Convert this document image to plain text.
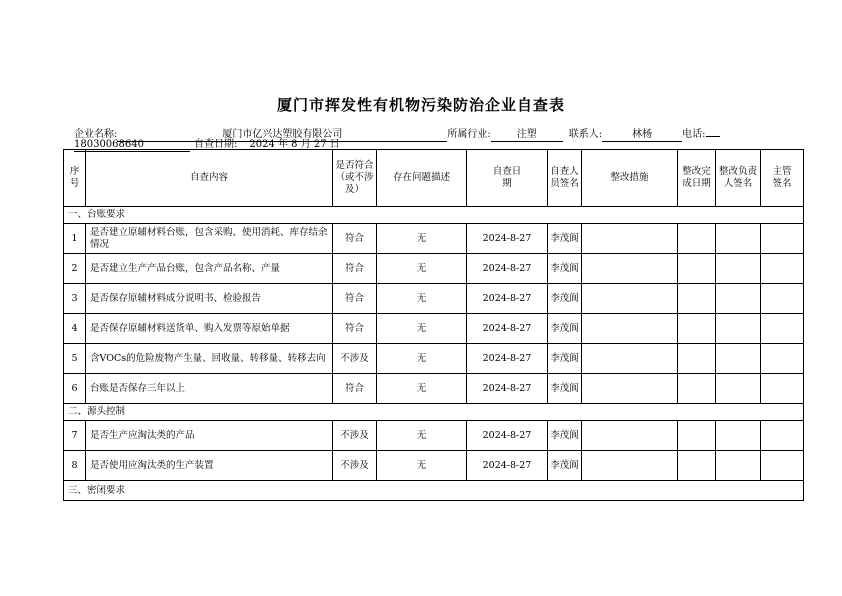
厦门市挥发性有机物污染防治企业自查表
企业名称:	厦门市亿兴达塑胶有限公司	所属行业:	注塑	联系人:	林杨	电话:
18030068640	自查日期: 2024 年 8 月 27 日
序号	自查内容	是否符合（或不涉及）	存在问题描述	自查日期	自查人员签名	整改措施	整改完成日期	整改负责人签名	主管签名
一、台账要求									
1	是否建立原辅材料台账，包含采购、使用消耗、库存结余情况	符合	无	2024-8-27	李茂阆				
2	是否建立生产产品台账，包含产品名称、产量	符合	无	2024-8-27	李茂阆				
3	是否保存原辅材料成分说明书、检验报告	符合	无	2024-8-27	李茂阆				
4	是否保存原辅材料送货单、购入发票等原始单据	符合	无	2024-8-27	李茂阆				
5	含VOCs的危险废物产生量、回收量、转移量、转移去向	不涉及	无	2024-8-27	李茂阆				
6	台账是否保存三年以上	符合	无	2024-8-27	李茂阆				
二、源头控制									
7	是否生产应淘汰类的产品	不涉及	无	2024-8-27	李茂阆				
8	是否使用应淘汰类的生产装置	不涉及	无	2024-8-27	李茂阆				
三、密闭要求									
